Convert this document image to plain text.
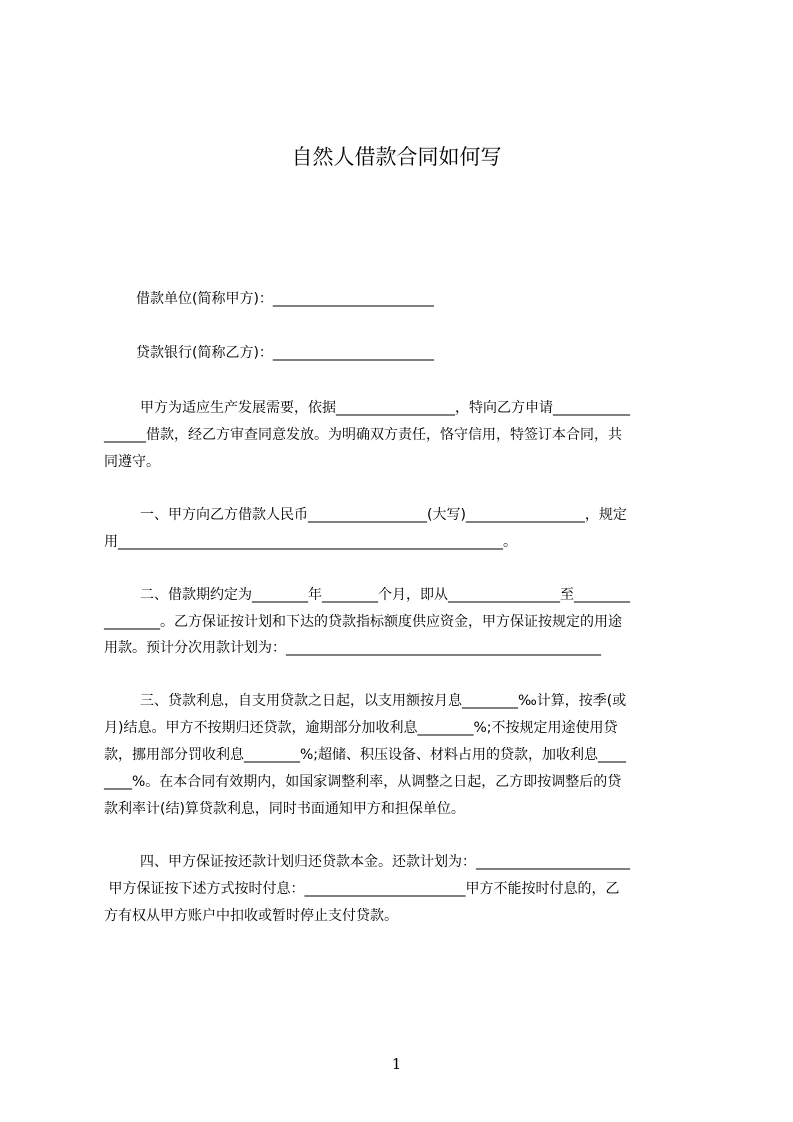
自然人借款合同如何写

借款单位(简称甲方)：_______________________

贷款银行(简称乙方)：_______________________

甲方为适应生产发展需要，依据_________________，特向乙方申请___________

______借款，经乙方审查同意发放。为明确双方责任，恪守信用，特签订本合同，共

同遵守。

一、甲方向乙方借款人民币_________________(大写)_________________，规定

用_______________________________________________________。

二、借款期约定为________年________个月，即从________________至________

________。乙方保证按计划和下达的贷款指标额度供应资金，甲方保证按规定的用途

用款。预计分次用款计划为：_____________________________________________

三、贷款利息，自支用贷款之日起，以支用额按月息________‰计算，按季(或

月)结息。甲方不按期归还贷款，逾期部分加收利息________%;不按规定用途使用贷

款，挪用部分罚收利息________%;超储、积压设备、材料占用的贷款，加收利息____

____%。在本合同有效期内，如国家调整利率，从调整之日起，乙方即按调整后的贷

款利率计(结)算贷款利息，同时书面通知甲方和担保单位。

四、甲方保证按还款计划归还贷款本金。还款计划为：______________________

甲方保证按下述方式按时付息：_______________________甲方不能按时付息的，乙

方有权从甲方账户中扣收或暂时停止支付贷款。

1
